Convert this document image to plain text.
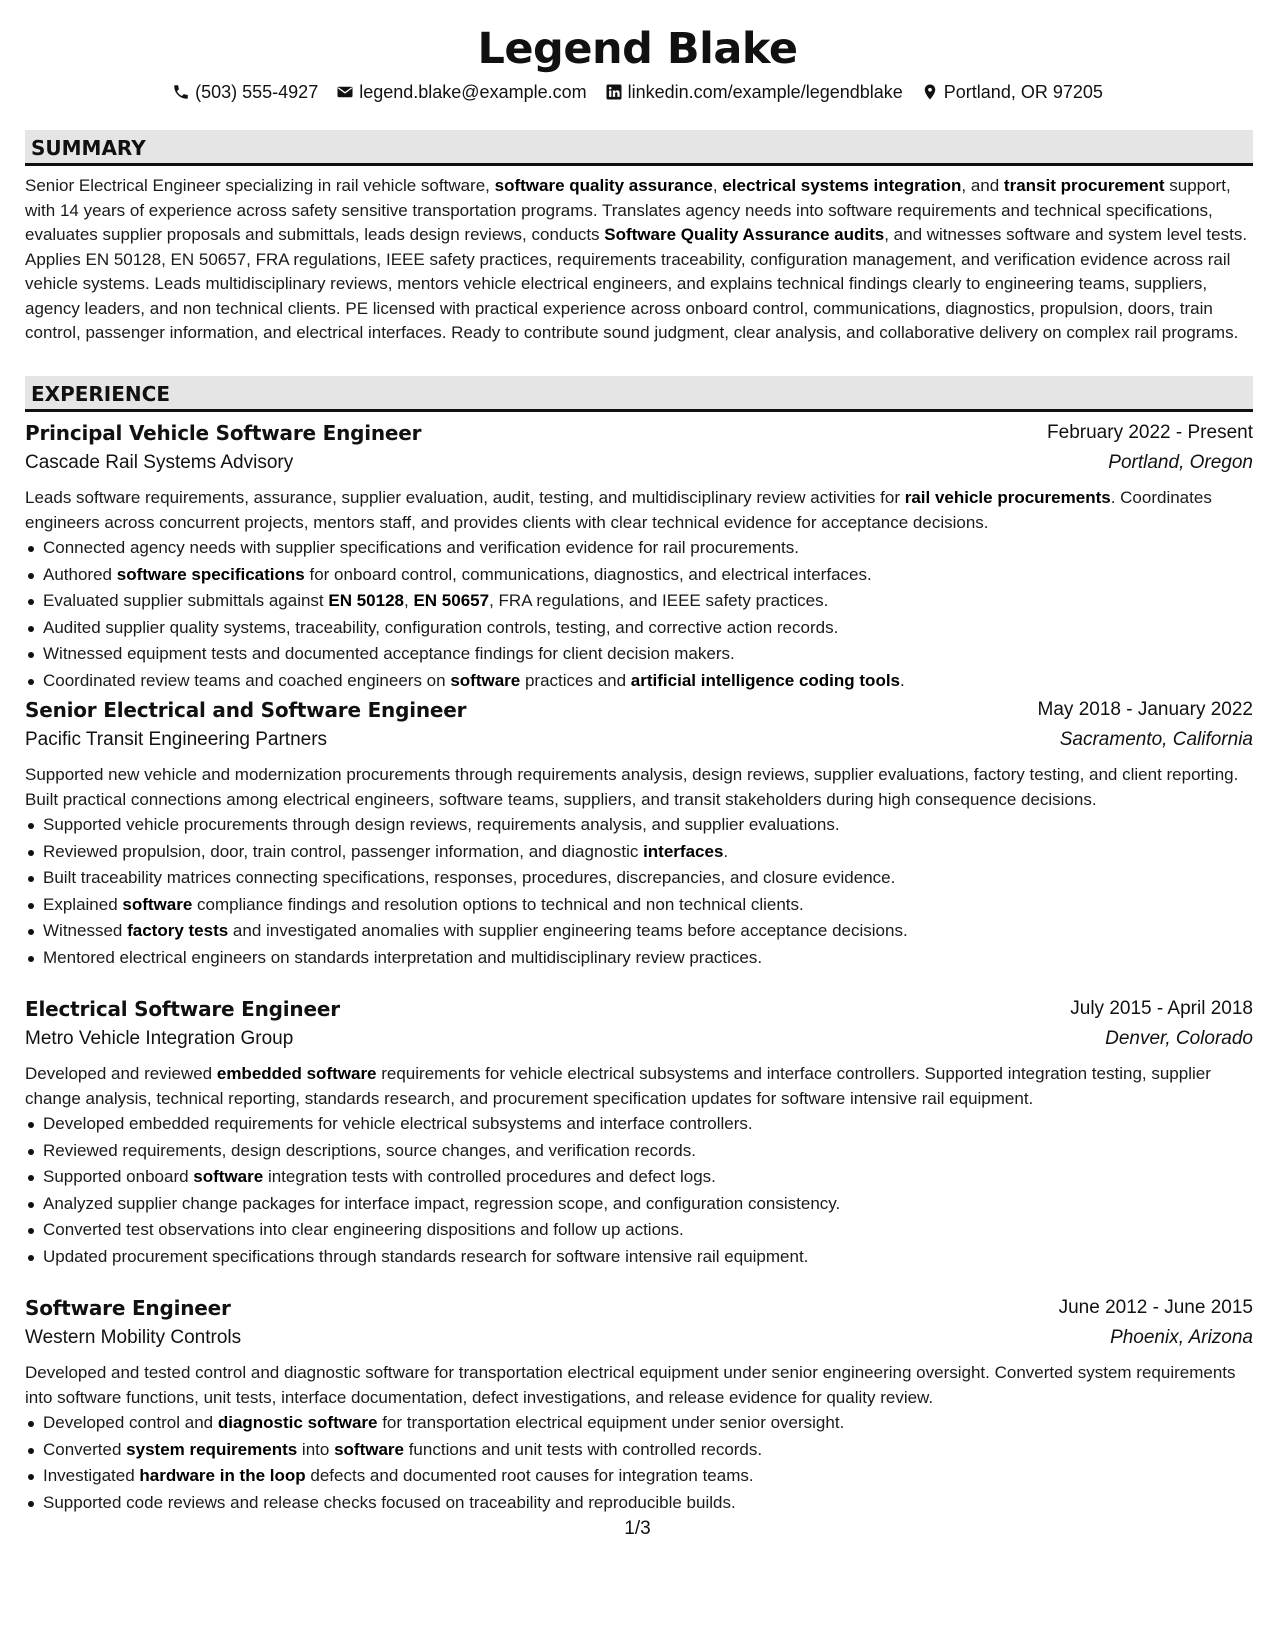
Legend Blake
(503) 555-4927 legend.blake@example.com linkedin.com/example/legendblake Portland, OR 97205
SUMMARY

Senior Electrical Engineer specializing in rail vehicle software, software quality assurance, electrical systems integration, and transit procurement support, with 14 years of experience across safety sensitive transportation programs. Translates agency needs into software requirements and technical specifications, evaluates supplier proposals and submittals, leads design reviews, conducts Software Quality Assurance audits, and witnesses software and system level tests. Applies EN 50128, EN 50657, FRA regulations, IEEE safety practices, requirements traceability, configuration management, and verification evidence across rail vehicle systems. Leads multidisciplinary reviews, mentors vehicle electrical engineers, and explains technical findings clearly to engineering teams, suppliers, agency leaders, and non technical clients. PE licensed with practical experience across onboard control, communications, diagnostics, propulsion, doors, train control, passenger information, and electrical interfaces. Ready to contribute sound judgment, clear analysis, and collaborative delivery on complex rail programs.

EXPERIENCE
Principal Vehicle Software Engineer	February 2022 - Present
Cascade Rail Systems Advisory	Portland, Oregon

Leads software requirements, assurance, supplier evaluation, audit, testing, and multidisciplinary review activities for rail vehicle procurements. Coordinates engineers across concurrent projects, mentors staff, and provides clients with clear technical evidence for acceptance decisions.

Connected agency needs with supplier specifications and verification evidence for rail procurements.
Authored software specifications for onboard control, communications, diagnostics, and electrical interfaces.
Evaluated supplier submittals against EN 50128, EN 50657, FRA regulations, and IEEE safety practices.
Audited supplier quality systems, traceability, configuration controls, testing, and corrective action records.
Witnessed equipment tests and documented acceptance findings for client decision makers.
Coordinated review teams and coached engineers on software practices and artificial intelligence coding tools.
Senior Electrical and Software Engineer	May 2018 - January 2022
Pacific Transit Engineering Partners	Sacramento, California

Supported new vehicle and modernization procurements through requirements analysis, design reviews, supplier evaluations, factory testing, and client reporting. Built practical connections among electrical engineers, software teams, suppliers, and transit stakeholders during high consequence decisions.

Supported vehicle procurements through design reviews, requirements analysis, and supplier evaluations.
Reviewed propulsion, door, train control, passenger information, and diagnostic interfaces.
Built traceability matrices connecting specifications, responses, procedures, discrepancies, and closure evidence.
Explained software compliance findings and resolution options to technical and non technical clients.
Witnessed factory tests and investigated anomalies with supplier engineering teams before acceptance decisions.
Mentored electrical engineers on standards interpretation and multidisciplinary review practices.
Electrical Software Engineer	July 2015 - April 2018
Metro Vehicle Integration Group	Denver, Colorado

Developed and reviewed embedded software requirements for vehicle electrical subsystems and interface controllers. Supported integration testing, supplier change analysis, technical reporting, standards research, and procurement specification updates for software intensive rail equipment.

Developed embedded requirements for vehicle electrical subsystems and interface controllers.
Reviewed requirements, design descriptions, source changes, and verification records.
Supported onboard software integration tests with controlled procedures and defect logs.
Analyzed supplier change packages for interface impact, regression scope, and configuration consistency.
Converted test observations into clear engineering dispositions and follow up actions.
Updated procurement specifications through standards research for software intensive rail equipment.
Software Engineer	June 2012 - June 2015
Western Mobility Controls	Phoenix, Arizona

Developed and tested control and diagnostic software for transportation electrical equipment under senior engineering oversight. Converted system requirements into software functions, unit tests, interface documentation, defect investigations, and release evidence for quality review.

Developed control and diagnostic software for transportation electrical equipment under senior oversight.
Converted system requirements into software functions and unit tests with controlled records.
Investigated hardware in the loop defects and documented root causes for integration teams.
Supported code reviews and release checks focused on traceability and reproducible builds.
1/3
